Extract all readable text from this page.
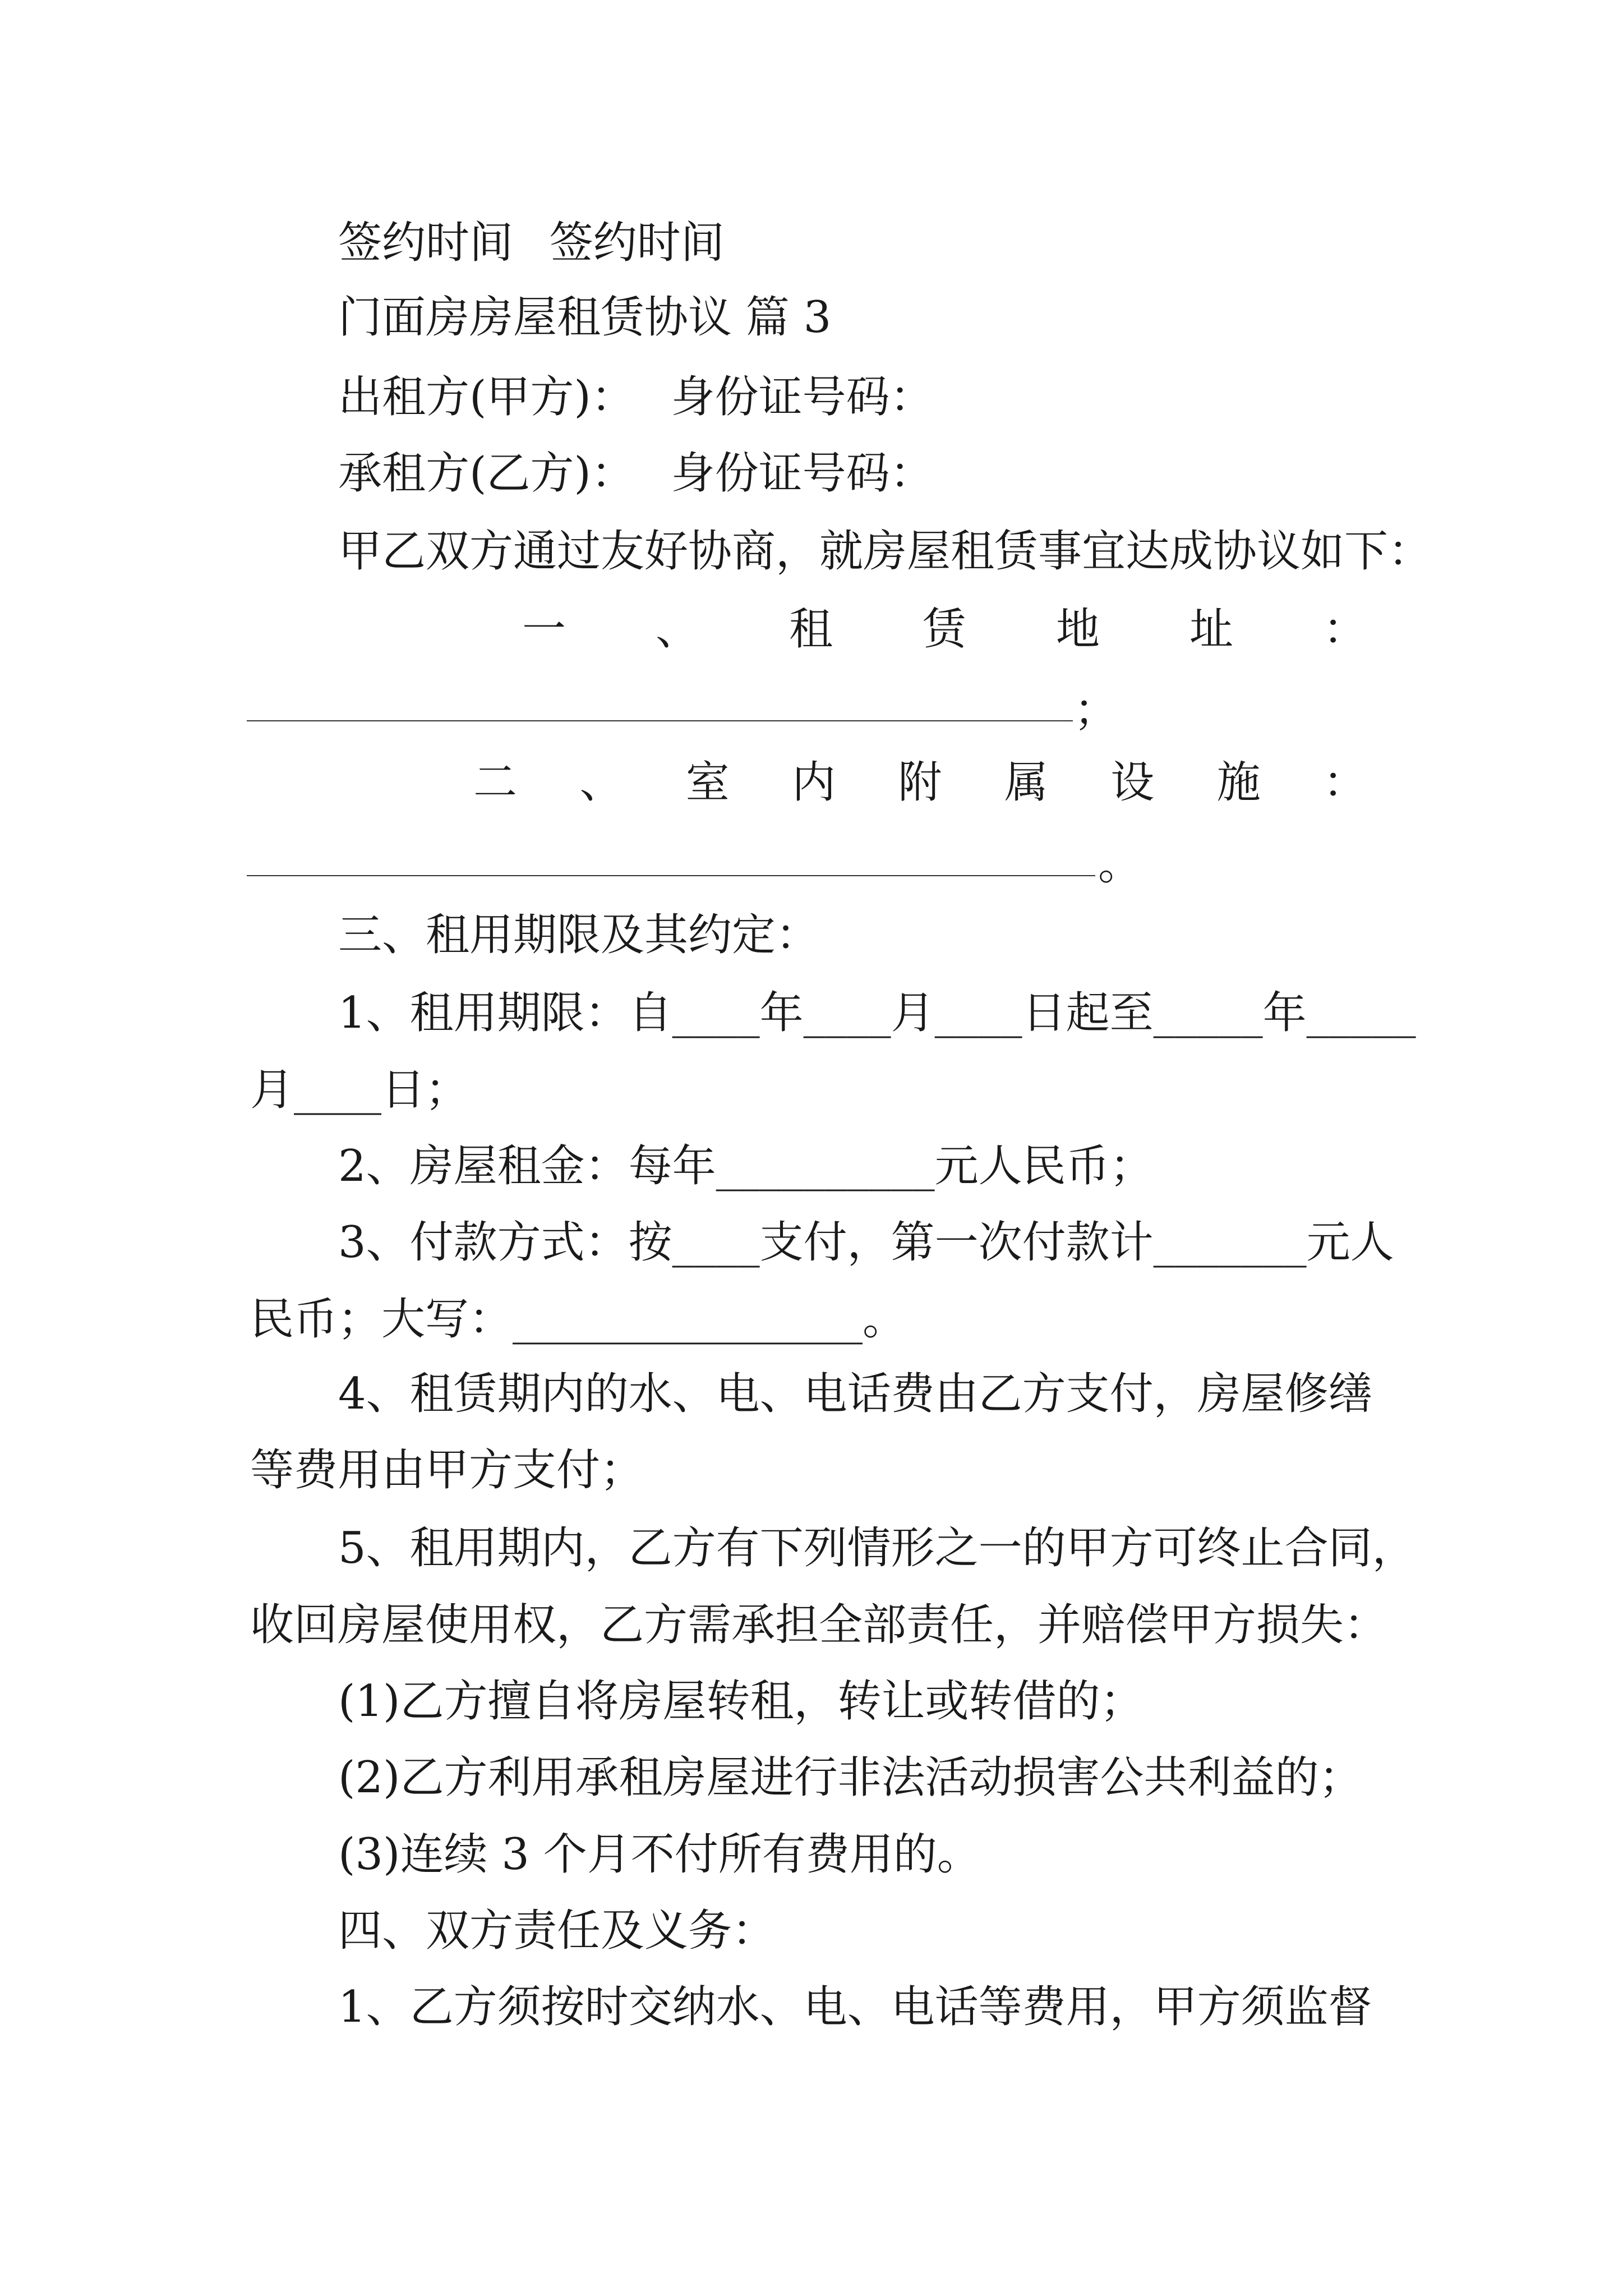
签约时间 签约时间
门面房房屋租赁协议 篇 3
出租方(甲方)： 身份证号码：
承租方(乙方)： 身份证号码：
甲乙双方通过友好协商，就房屋租赁事宜达成协议如下：
一、租赁地址：
；
二、室内附属设施：
。
三、租用期限及其约定：
1、租用期限：自____年____月____日起至_____年_____
月____日；
2、房屋租金：每年__________元人民币；
3、付款方式：按____支付，第一次付款计_______元人
民币；大写：________________。
4、租赁期内的水、电、电话费由乙方支付，房屋修缮
等费用由甲方支付；
5、租用期内，乙方有下列情形之一的甲方可终止合同，
收回房屋使用权，乙方需承担全部责任，并赔偿甲方损失：
(1)乙方擅自将房屋转租，转让或转借的；
(2)乙方利用承租房屋进行非法活动损害公共利益的；
(3)连续 3 个月不付所有费用的。
四、双方责任及义务：
1、乙方须按时交纳水、电、电话等费用，甲方须监督
